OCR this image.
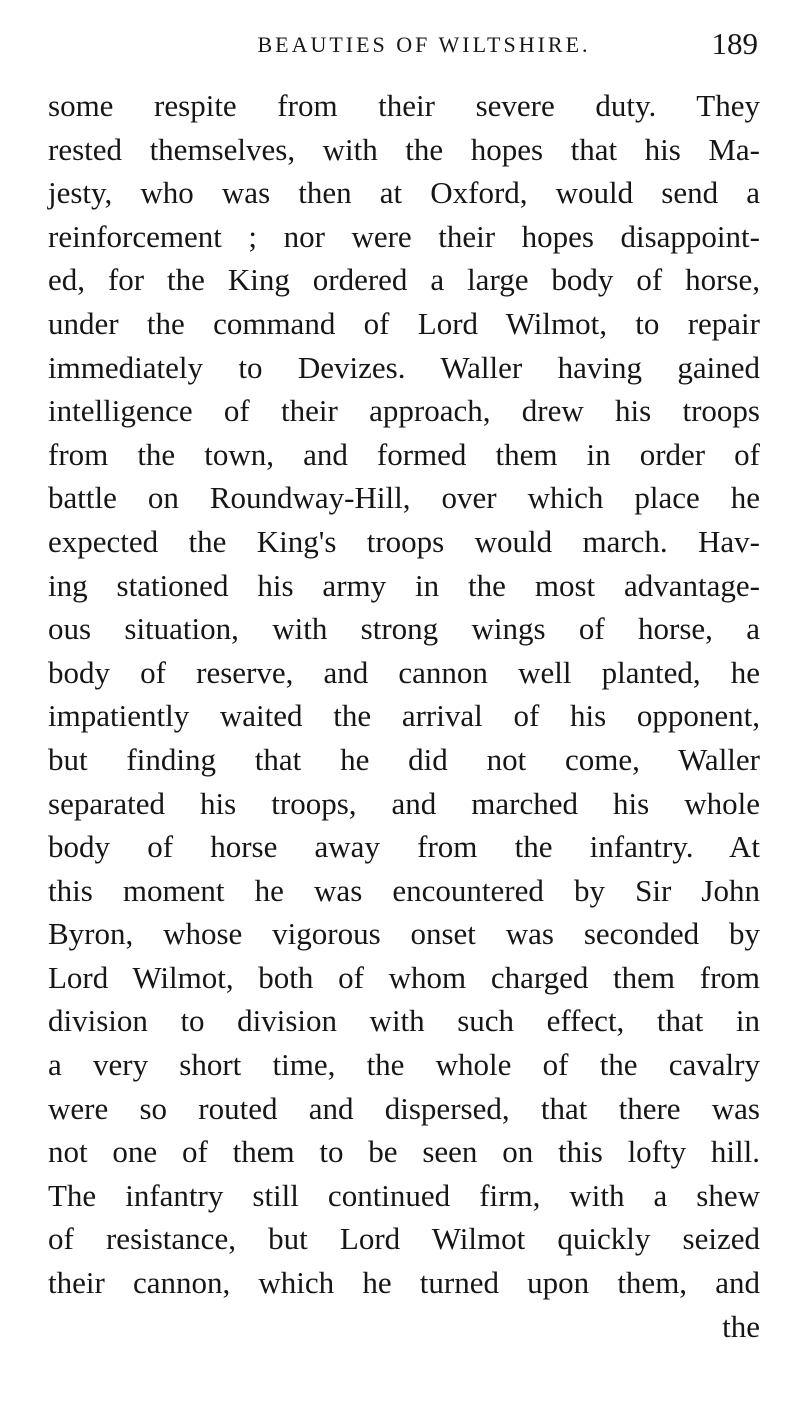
BEAUTIES OF WILTSHIRE.	189
some respite from their severe duty. They
rested themselves, with the hopes that his Ma-
jesty, who was then at Oxford, would send a
reinforcement ; nor were their hopes disappoint-
ed, for the King ordered a large body of horse,
under the command of Lord Wilmot, to repair
immediately to Devizes. Waller having gained
intelligence of their approach, drew his troops
from the town, and formed them in order of
battle on Roundway-Hill, over which place he
expected the King's troops would march. Hav-
ing stationed his army in the most advantage-
ous situation, with strong wings of horse, a
body of reserve, and cannon well planted, he
impatiently waited the arrival of his opponent,
but finding that he did not come, Waller
separated his troops, and marched his whole
body of horse away from the infantry. At
this moment he was encountered by Sir John
Byron, whose vigorous onset was seconded by
Lord Wilmot, both of whom charged them from
division to division with such effect, that in
a very short time, the whole of the cavalry
were so routed and dispersed, that there was
not one of them to be seen on this lofty hill.
The infantry still continued firm, with a shew
of resistance, but Lord Wilmot quickly seized
their cannon, which he turned upon them, and
the
